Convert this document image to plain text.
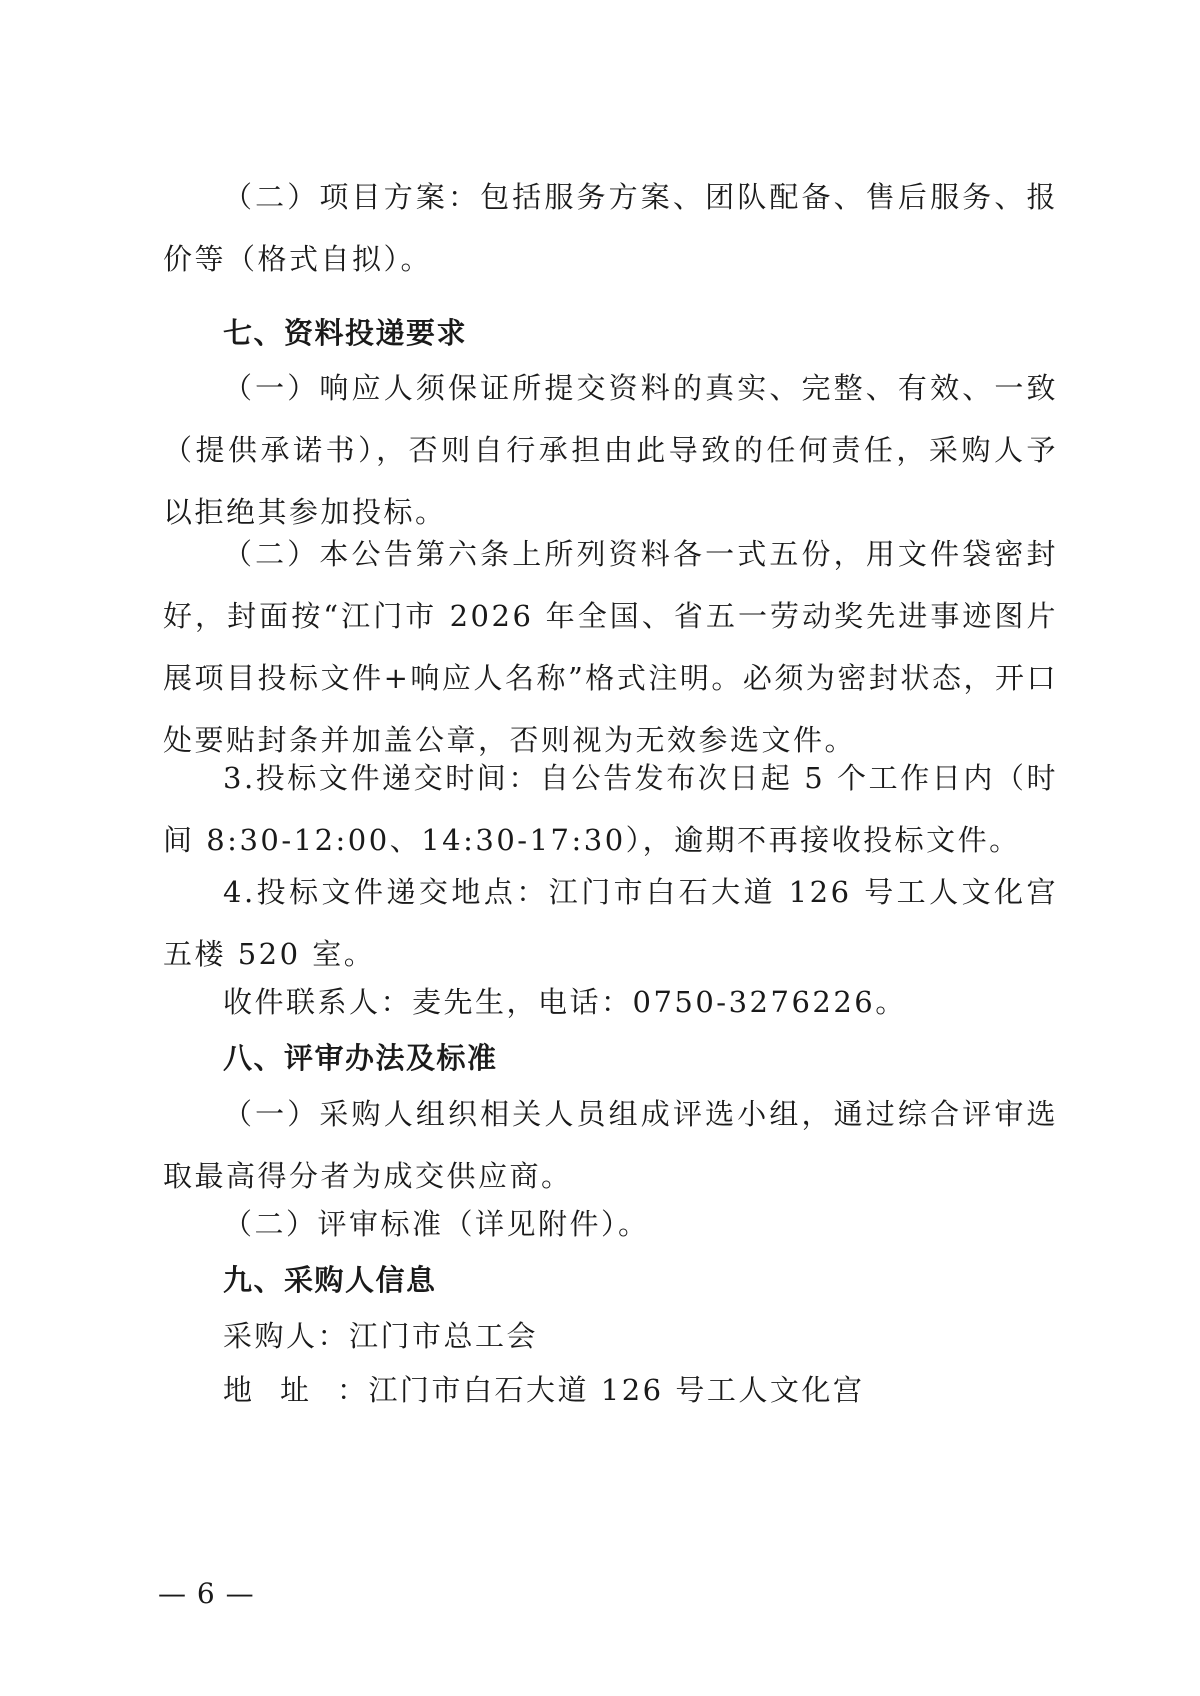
（二）项目方案：包括服务方案、团队配备、售后服务、报价等（格式自拟）。

七、资料投递要求

（一）响应人须保证所提交资料的真实、完整、有效、一致（提供承诺书），否则自行承担由此导致的任何责任，采购人予以拒绝其参加投标。

（二）本公告第六条上所列资料各一式五份，用文件袋密封好，封面按“江门市 2026 年全国、省五一劳动奖先进事迹图片展项目投标文件+响应人名称”格式注明。必须为密封状态，开口处要贴封条并加盖公章，否则视为无效参选文件。

3.投标文件递交时间：自公告发布次日起 5 个工作日内（时间 8:30-12:00、14:30-17:30），逾期不再接收投标文件。

4.投标文件递交地点：江门市白石大道 126 号工人文化宫五楼 520 室。

收件联系人：麦先生，电话：0750-3276226。

八、评审办法及标准

（一）采购人组织相关人员组成评选小组，通过综合评审选取最高得分者为成交供应商。

（二）评审标准（详见附件）。

九、采购人信息

采购人：江门市总工会

地址：江门市白石大道 126 号工人文化宫

— 6 —
